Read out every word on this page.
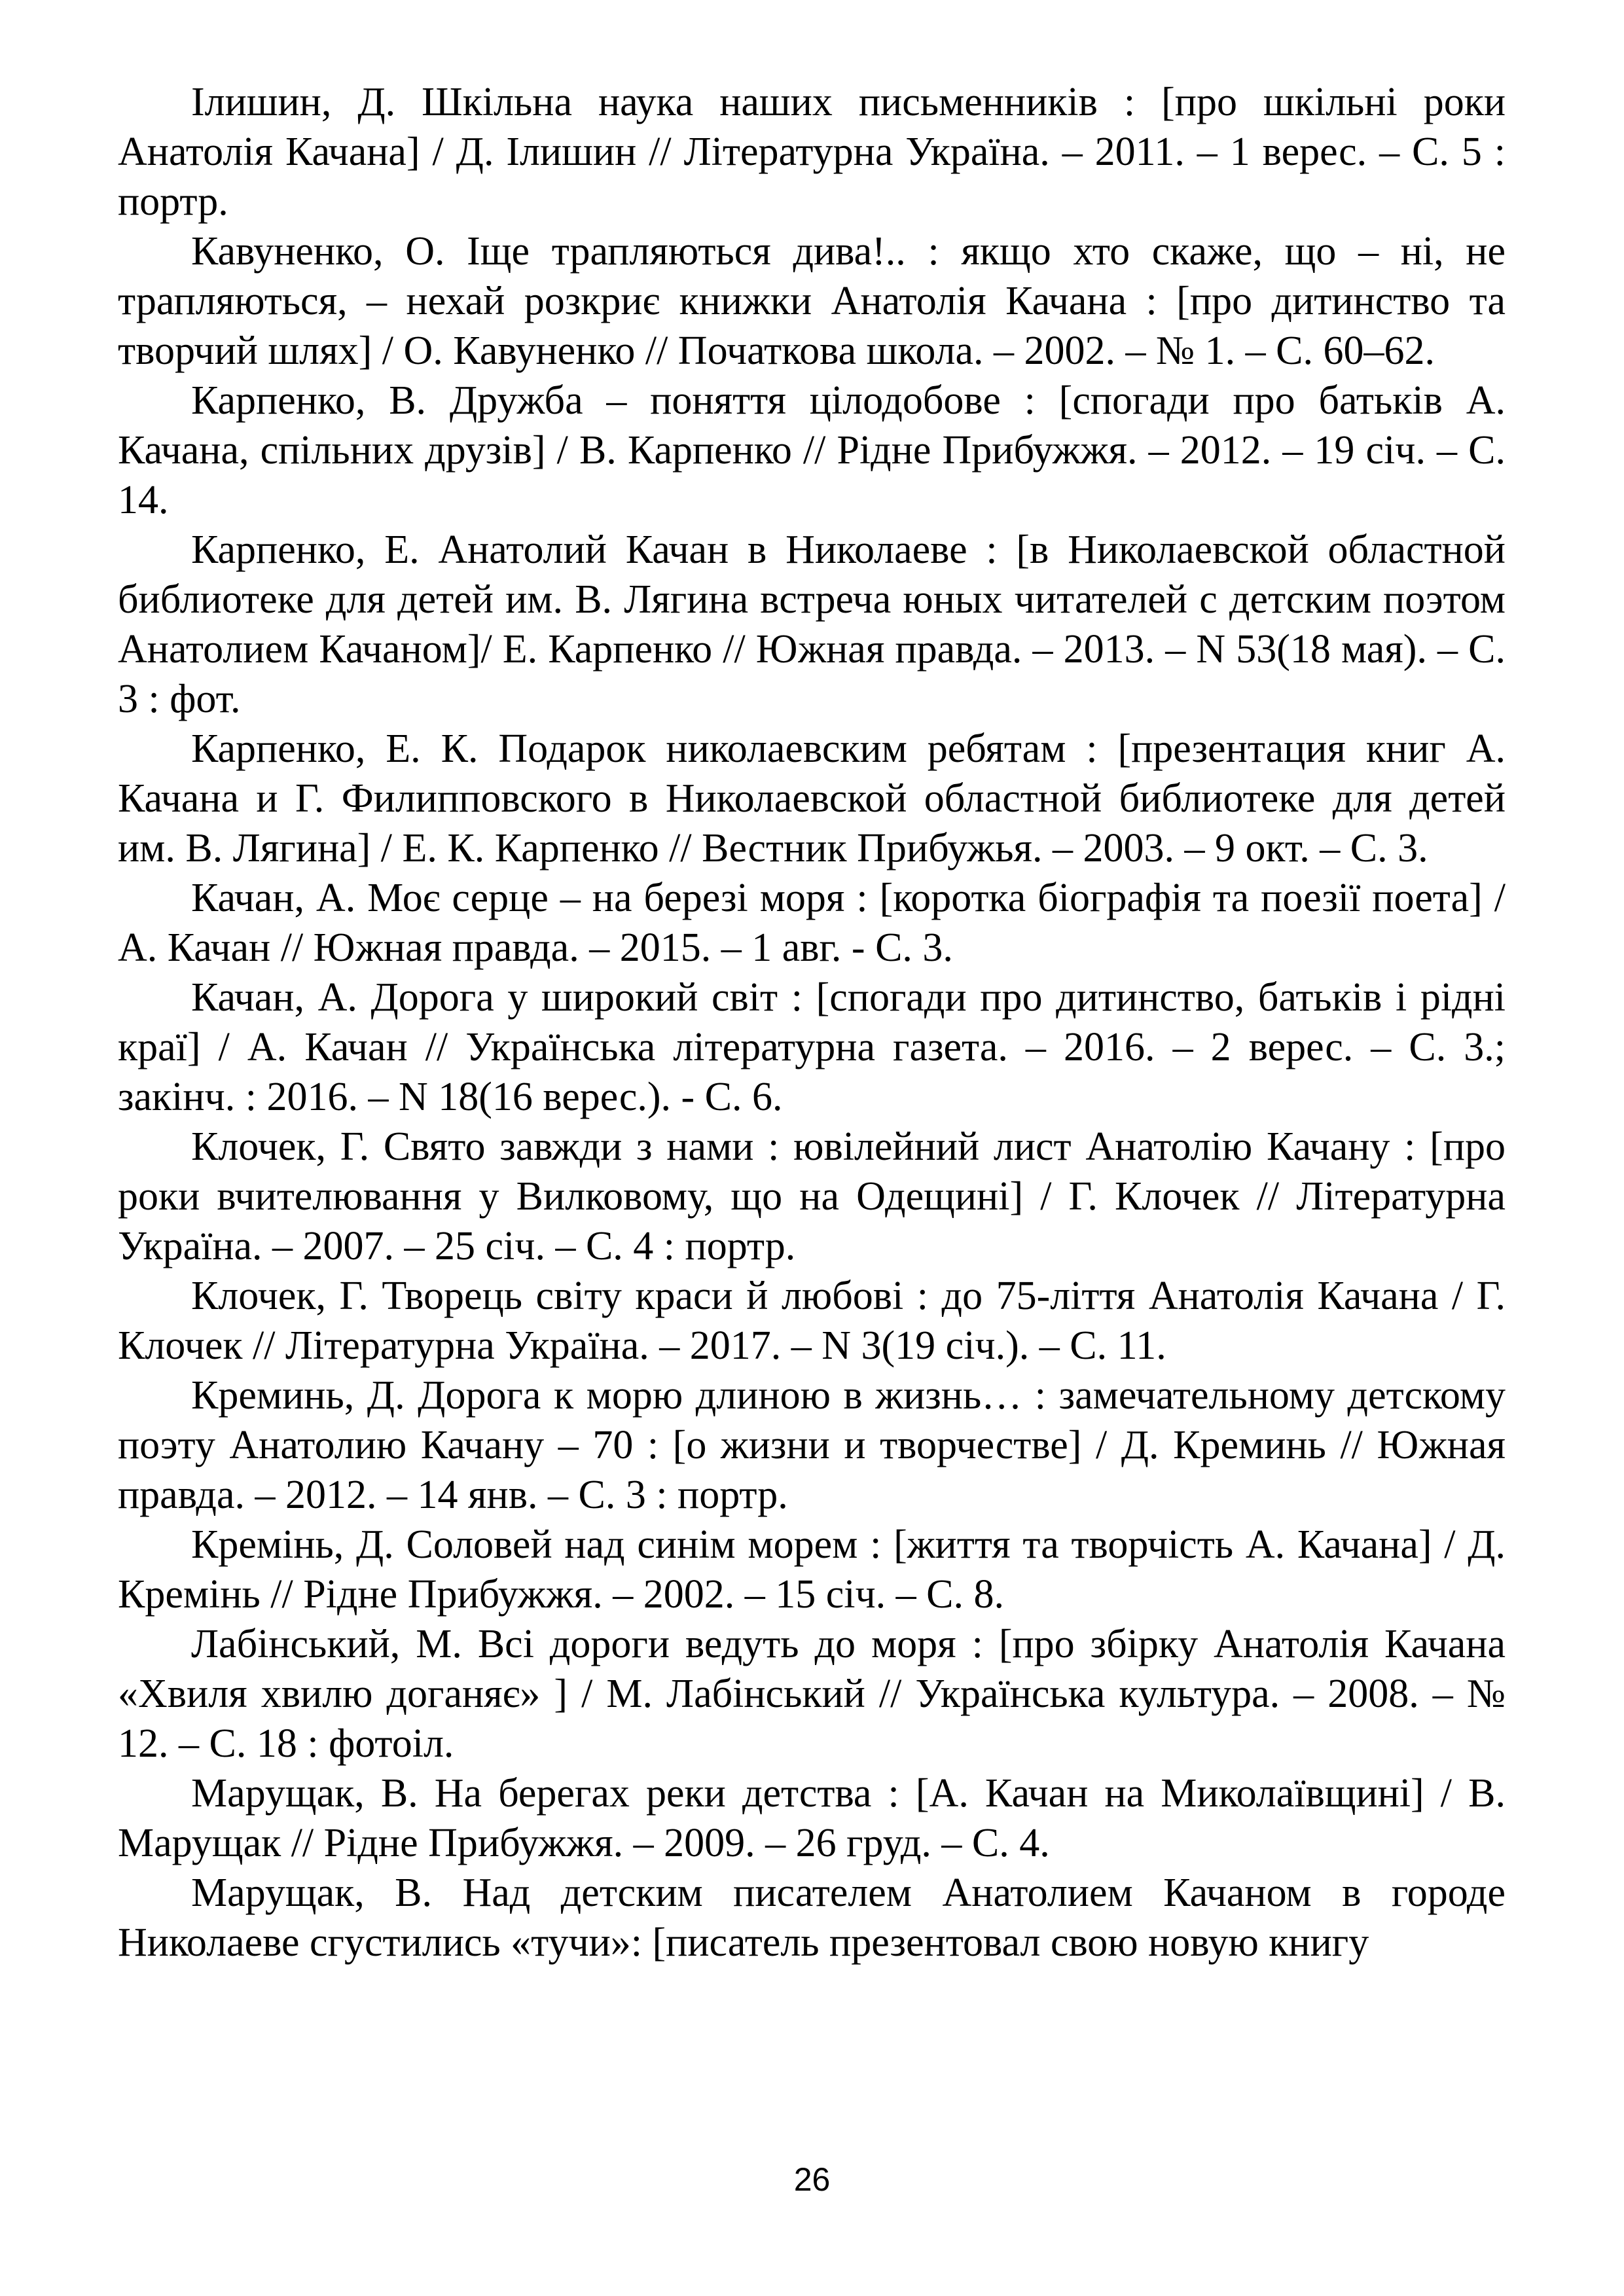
Ілишин, Д. Шкільна наука наших письменників : [про шкільні роки Анатолія Качана] / Д. Ілишин // Літературна Україна. – 2011. – 1 верес. – С. 5 : портр.

Кавуненко, О. Іще трапляються дива!.. : якщо хто скаже, що – ні, не трапляються, – нехай розкриє книжки Анатолія Качана : [про дитинство та творчий шлях] / О. Кавуненко // Початкова школа. – 2002. – № 1. – С. 60–62.

Карпенко, В. Дружба – поняття цілодобове : [спогади про батьків А. Качана, спільних друзів] / В. Карпенко // Рідне Прибужжя. – 2012. – 19 січ. – С. 14.

Карпенко, Е. Анатолий Качан в Николаеве : [в Николаевской областной библиотеке для детей им. В. Лягина встреча юных читателей с детским поэтом Анатолием Качаном]/ Е. Карпенко // Южная правда. – 2013. – N 53(18 мая). – С. 3 : фот.

Карпенко, Е. К. Подарок николаевским ребятам : [презентация книг А. Качана и Г. Филипповского в Николаевской областной библиотеке для детей им. В. Лягина] / Е. К. Карпенко // Вестник Прибужья. – 2003. – 9 окт. – С. 3.

Качан, А. Моє серце – на березі моря : [коротка біографія та поезії поета] / А. Качан // Южная правда. – 2015. – 1 авг. - С. 3.

Качан, А. Дорога у широкий світ : [спогади про дитинство, батьків і рідні краї] / А. Качан // Українська літературна газета. – 2016. – 2 верес. – С. 3.; закінч. : 2016. – N 18(16 верес.). - С. 6.

Клочек, Г. Свято завжди з нами : ювілейний лист Анатолію Качану : [про роки вчителювання у Вилковому, що на Одещині] / Г. Клочек // Літературна Україна. – 2007. – 25 січ. – С. 4 : портр.

Клочек, Г. Творець світу краси й любові : до 75-ліття Анатолія Качана / Г. Клочек // Літературна Україна. – 2017. – N 3(19 січ.). – С. 11.

Креминь, Д. Дорога к морю длиною в жизнь… : замечательному детскому поэту Анатолию Качану – 70 : [о жизни и творчестве] / Д. Креминь // Южная правда. – 2012. – 14 янв. – С. 3 : портр.

Кремінь, Д. Соловей над синім морем : [життя та творчість А. Качана] / Д. Кремінь // Рідне Прибужжя. – 2002. – 15 січ. – С. 8.

Лабінський, М. Всі дороги ведуть до моря : [про збірку Анатолія Качана «Хвиля хвилю доганяє» ] / М. Лабінський // Українська культура. – 2008. – № 12. – С. 18 : фотоіл.

Марущак, В. На берегах реки детства : [А. Качан на Миколаївщині] / В. Марущак // Рідне Прибужжя. – 2009. – 26 груд. – С. 4.

Марущак, В. Над детским писателем Анатолием Качаном в городе Николаеве сгустились «тучи»: [писатель презентовал свою новую книгу

26
